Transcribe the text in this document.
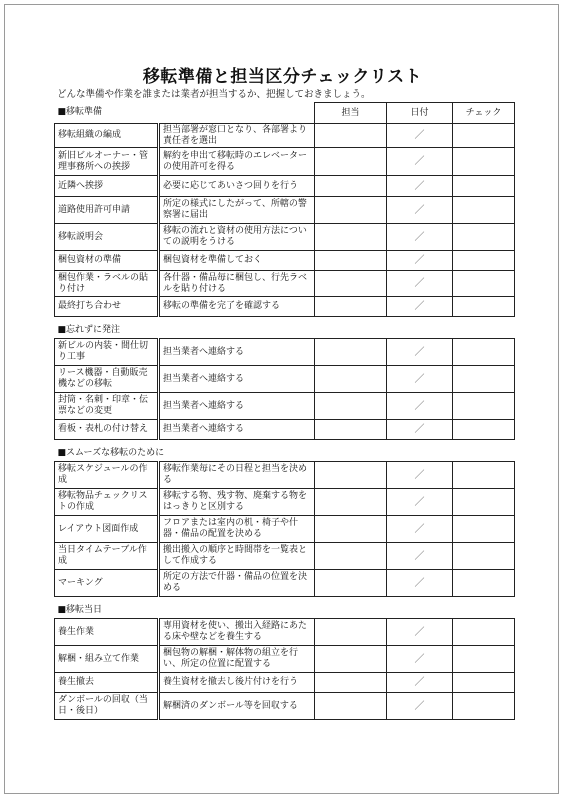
移転準備と担当区分チェックリスト
どんな準備や作業を誰または業者が担当するか、把握しておきましょう。
■移転準備		担当	日付	チェック
移転組織の編成	担当部署が窓口となり、各部署より責任者を選出		／	
新旧ビルオーナー・管理事務所への挨拶	解約を申出て移転時のエレベーターの使用許可を得る		／	
近隣へ挨拶	必要に応じてあいさつ回りを行う		／	
道路使用許可申請	所定の様式にしたがって、所轄の警察署に届出		／	
移転説明会	移転の流れと資材の使用方法についての説明をうける		／	
梱包資材の準備	梱包資材を準備しておく		／	
梱包作業・ラベルの貼り付け	各什器・備品毎に梱包し、行先ラベルを貼り付ける		／	
最終打ち合わせ	移転の準備を完了を確認する		／	

■忘れずに発注				
新ビルの内装・間仕切り工事	担当業者へ連絡する		／	
リース機器・自動販売機などの移転	担当業者へ連絡する		／	
封筒・名刺・印章・伝票などの変更	担当業者へ連絡する		／	
看板・表札の付け替え	担当業者へ連絡する		／	

■スムーズな移転のために				
移転スケジュールの作成	移転作業毎にその日程と担当を決める		／	
移転物品チェックリストの作成	移転する物、残す物、廃棄する物をはっきりと区別する		／	
レイアウト図面作成	フロアまたは室内の机・椅子や什器・備品の配置を決める		／	
当日タイムテーブル作成	搬出搬入の順序と時間帯を一覧表として作成する		／	
マーキング	所定の方法で什器・備品の位置を決める		／	

■移転当日				
養生作業	専用資材を使い、搬出入経路にあたる床や壁などを養生する		／	
解梱・組み立て作業	梱包物の解梱・解体物の組立を行い、所定の位置に配置する		／	
養生撤去	養生資材を撤去し後片付けを行う		／	
ダンボールの回収（当日・後日）	解梱済のダンボール等を回収する		／	
